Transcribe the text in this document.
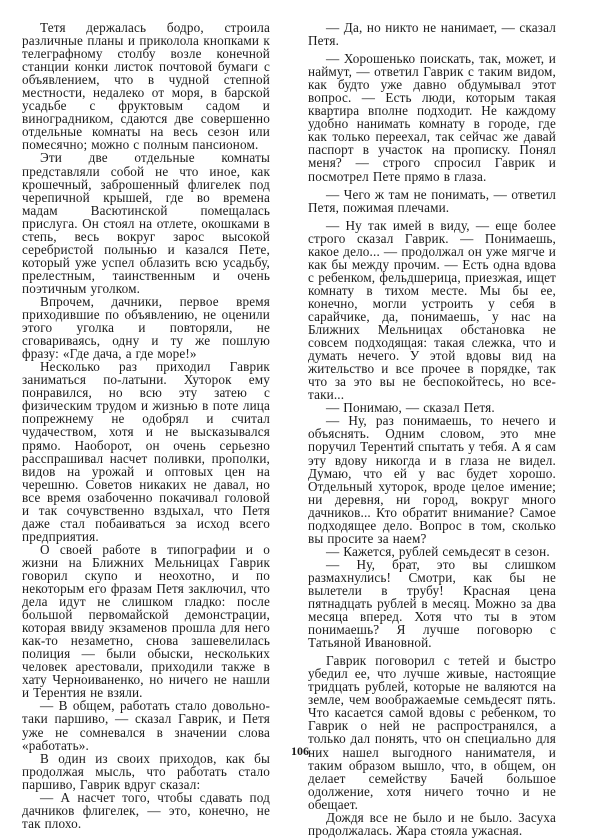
Тетя держалась бодро, строила различные планы и приколола кнопками к телеграфному столбу возле конечной станции конки листок почтовой бумаги с объявлением, что в чудной степной местности, недалеко от моря, в барской усадьбе с фруктовым садом и виноградником, сдаются две совершенно отдельные комнаты на весь сезон или помесячно; можно с полным пансионом.

Эти две отдельные комнаты представляли собой не что иное, как крошечный, заброшенный флигелек под черепичной крышей, где во времена мадам Васютинской помещалась прислуга. Он стоял на отлете, окошками в степь, весь вокруг зарос высокой серебристой полынью и казался Пете, который уже успел облазить всю усадьбу, прелестным, таинственным и очень поэтичным уголком.

Впрочем, дачники, первое время приходившие по объявлению, не оценили этого уголка и повторяли, не сговариваясь, одну и ту же пошлую фразу: «Где дача, а где море!»

Несколько раз приходил Гаврик заниматься по-латыни. Хуторок ему понравился, но всю эту затею с физическим трудом и жизнью в поте лица попрежнему не одобрял и считал чудачеством, хотя и не высказывался прямо. Наоборот, он очень серьезно расспрашивал насчет поливки, прополки, видов на урожай и оптовых цен на черешню. Советов никаких не давал, но все время озабоченно покачивал головой и так сочувственно вздыхал, что Петя даже стал побаиваться за исход всего предприятия.

О своей работе в типографии и о жизни на Ближних Мельницах Гаврик говорил скупо и неохотно, и по некоторым его фразам Петя заключил, что дела идут не слишком гладко: после большой первомайской демонстрации, которая ввиду экзаменов прошла для него как-то незаметно, снова зашевелилась полиция — были обыски, нескольких человек арестовали, приходили также в хату Черноиваненко, но ничего не нашли и Терентия не взяли.

— В общем, работать стало довольно-таки паршиво, — сказал Гаврик, и Петя уже не сомневался в значении слова «работать».

В один из своих приходов, как бы продолжая мысль, что работать стало паршиво, Гаврик вдруг сказал:

— А насчет того, чтобы сдавать под дачников флигелек, — это, конечно, не так плохо.

— Да, но никто не нанимает, — сказал Петя.

— Хорошенько поискать, так, может, и наймут, — ответил Гаврик с таким видом, как будто уже давно обдумывал этот вопрос. — Есть люди, которым такая квартира вполне подходит. Не каждому удобно нанимать комнату в городе, где как только переехал, так сейчас же давай паспорт в участок на прописку. Понял меня? — строго спросил Гаврик и посмотрел Пете прямо в глаза.

— Чего ж там не понимать, — ответил Петя, пожимая плечами.

— Ну так имей в виду, — еще более строго сказал Гаврик. — Понимаешь, какое дело... — продолжал он уже мягче и как бы между прочим. — Есть одна вдова с ребенком, фельдшерица, приезжая, ищет комнату в тихом месте. Мы бы ее, конечно, могли устроить у себя в сарайчике, да, понимаешь, у нас на Ближних Мельницах обстановка не совсем подходящая: такая слежка, что и думать нечего. У этой вдовы вид на жительство и все прочее в порядке, так что за это вы не беспокойтесь, но все-таки...

— Понимаю, — сказал Петя.

— Ну, раз понимаешь, то нечего и объяснять. Одним словом, это мне поручил Терентий спытать у тебя. А я сам эту вдову никогда и в глаза не видел. Думаю, что ей у вас будет хорошо. Отдельный хуторок, вроде целое имение; ни деревня, ни город, вокруг много дачников... Кто обратит внимание? Самое подходящее дело. Вопрос в том, сколько вы просите за наем?

— Кажется, рублей семьдесят в сезон.

— Ну, брат, это вы слишком размахнулись! Смотри, как бы не вылетели в трубу! Красная цена пятнадцать рублей в месяц. Можно за два месяца вперед. Хотя что ты в этом понимаешь? Я лучше поговорю с Татьяной Ивановной.

Гаврик поговорил с тетей и быстро убедил ее, что лучше живые, настоящие тридцать рублей, которые не валяются на земле, чем воображаемые семьдесят пять. Что касается самой вдовы с ребенком, то Гаврик о ней не распространялся, а только дал понять, что он специально для них нашел выгодного нанимателя, и таким образом вышло, что, в общем, он делает семейству Бачей большое одолжение, хотя ничего точно и не обещает.

Дождя все не было и не было. Засуха продолжалась. Жара стояла ужасная.

106
